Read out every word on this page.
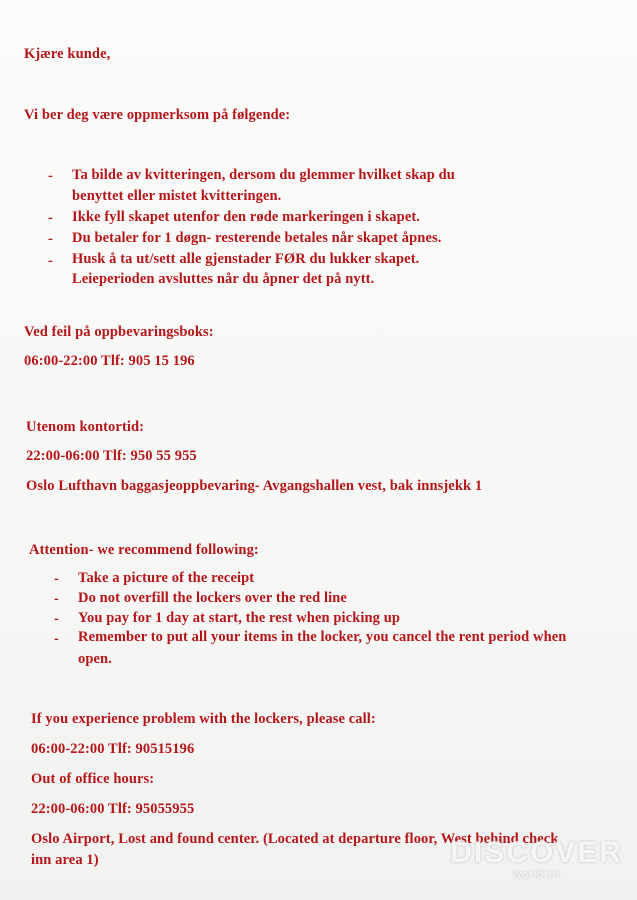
Kjære kunde,
Vi ber deg være oppmerksom på følgende:
- Ta bilde av kvitteringen, dersom du glemmer hvilket skap du
benyttet eller mistet kvitteringen.
- Ikke fyll skapet utenfor den røde markeringen i skapet.
- Du betaler for 1 døgn- resterende betales når skapet åpnes.
- Husk å ta ut/sett alle gjenstader FØR du lukker skapet.
Leieperioden avsluttes når du åpner det på nytt.
Ved feil på oppbevaringsboks:
06:00-22:00 Tlf: 905 15 196
Utenom kontortid:
22:00-06:00 Tlf: 950 55 955
Oslo Lufthavn baggasjeoppbevaring- Avgangshallen vest, bak innsjekk 1
Attention- we recommend following:
- Take a picture of the receipt
- Do not overfill the lockers over the red line
- You pay for 1 day at start, the rest when picking up
- Remember to put all your items in the locker, you cancel the rent period when
open.
If you experience problem with the lockers, please call:
06:00-22:00 Tlf: 90515196
Out of office hours:
22:00-06:00 Tlf: 95055955
Oslo Airport, Lost and found center. (Located at departure floor, West behind check
inn area 1)	DISCOVER
world.ru
